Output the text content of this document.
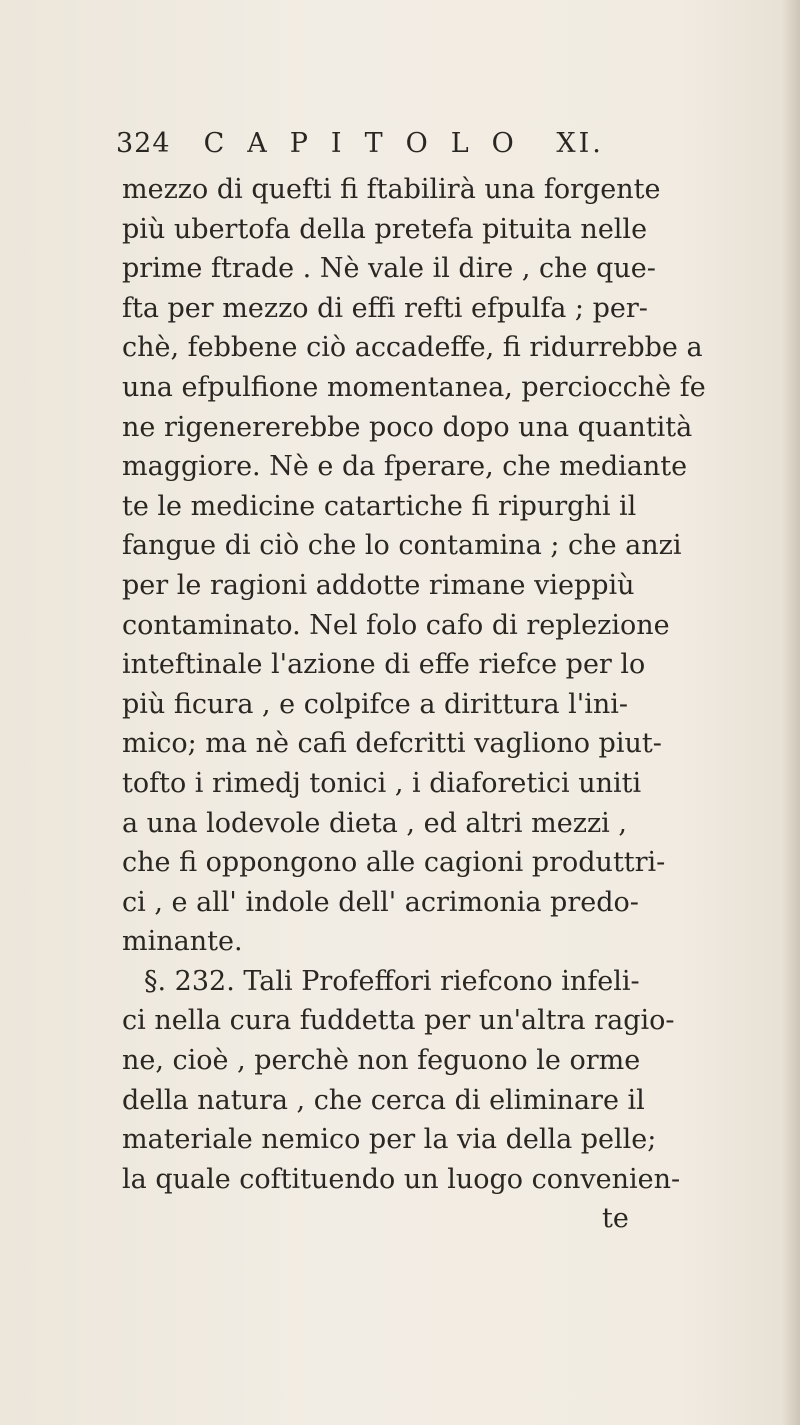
324 CAPITOLO XI.
mezzo di quefti fi ftabilirà una forgente
più ubertofa della pretefa pituita nelle
prime ftrade . Nè vale il dire , che que-
fta per mezzo di effi refti efpulfa ; per-
chè, febbene ciò accadeffe, fi ridurrebbe a
una efpulfione momentanea, perciocchè fe
ne rigenererebbe poco dopo una quantità
maggiore. Nè e da fperare, che mediante
te le medicine catartiche fi ripurghi il
fangue di ciò che lo contamina ; che anzi
per le ragioni addotte rimane vieppiù
contaminato. Nel folo cafo di replezione
inteftinale l'azione di effe riefce per lo
più ficura , e colpifce a dirittura l'ini-
mico; ma nè cafi defcritti vagliono piut-
tofto i rimedj tonici , i diaforetici uniti
a una lodevole dieta , ed altri mezzi ,
che fi oppongono alle cagioni produttri-
ci , e all' indole dell' acrimonia predo-
minante.
§. 232. Tali Profeffori riefcono infeli-
ci nella cura fuddetta per un'altra ragio-
ne, cioè , perchè non feguono le orme
della natura , che cerca di eliminare il
materiale nemico per la via della pelle;
la quale coftituendo un luogo convenien-
te
